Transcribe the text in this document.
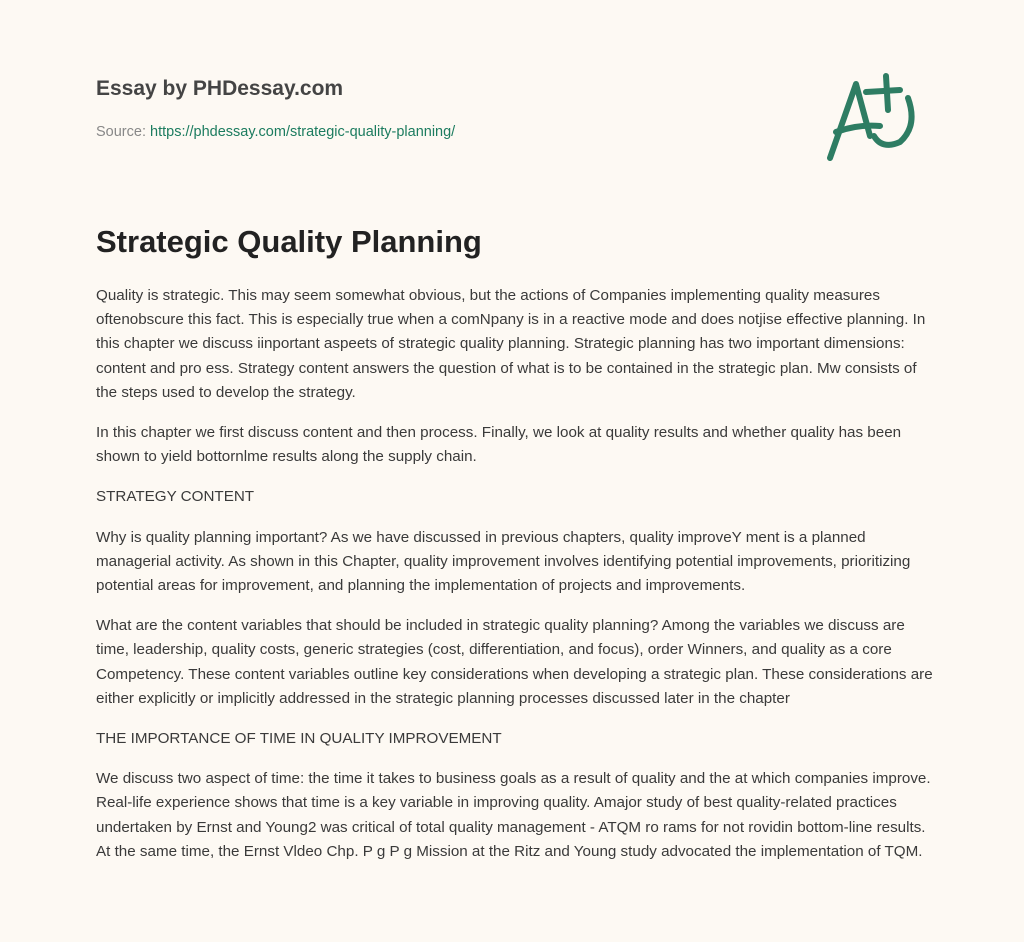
Essay by PHDessay.com
Source: https://phdessay.com/strategic-quality-planning/
Strategic Quality Planning

Quality is strategic. This may seem somewhat obvious, but the actions of Companies implementing quality measures oftenobscure this fact. This is especially true when a comNpany is in a reactive mode and does notjise effective planning. In this chapter we discuss iinportant aspeets of strategic quality planning. Strategic planning has two important dimensions: content and pro ess. Strategy content answers the question of what is to be contained in the strategic plan. Mw consists of the steps used to develop the strategy.

In this chapter we first discuss content and then process. Finally, we look at quality results and whether quality has been shown to yield bottornlme results along the supply chain.

STRATEGY CONTENT

Why is quality planning important? As we have discussed in previous chapters, quality improveY ment is a planned managerial activity. As shown in this Chapter, quality improvement involves identifying potential improvements, prioritizing potential areas for improvement, and planning the implementation of projects and improvements.

What are the content variables that should be included in strategic quality planning? Among the variables we discuss are time, leadership, quality costs, generic strategies (cost, differentiation, and focus), order Winners, and quality as a core Competency. These content variables outline key considerations when developing a strategic plan. These considerations are either explicitly or implicitly addressed in the strategic planning processes discussed later in the chapter

THE IMPORTANCE OF TIME IN QUALITY IMPROVEMENT

We discuss two aspect of time: the time it takes to business goals as a result of quality and the at which companies improve. Real-life experience shows that time is a key variable in improving quality. Amajor study of best quality-related practices undertaken by Ernst and Young2 was critical of total quality management - ATQM ro rams for not rovidin bottom-line results. At the same time, the Ernst Vldeo Chp. P g P g Mission at the Ritz and Young study advocated the implementation of TQM.
